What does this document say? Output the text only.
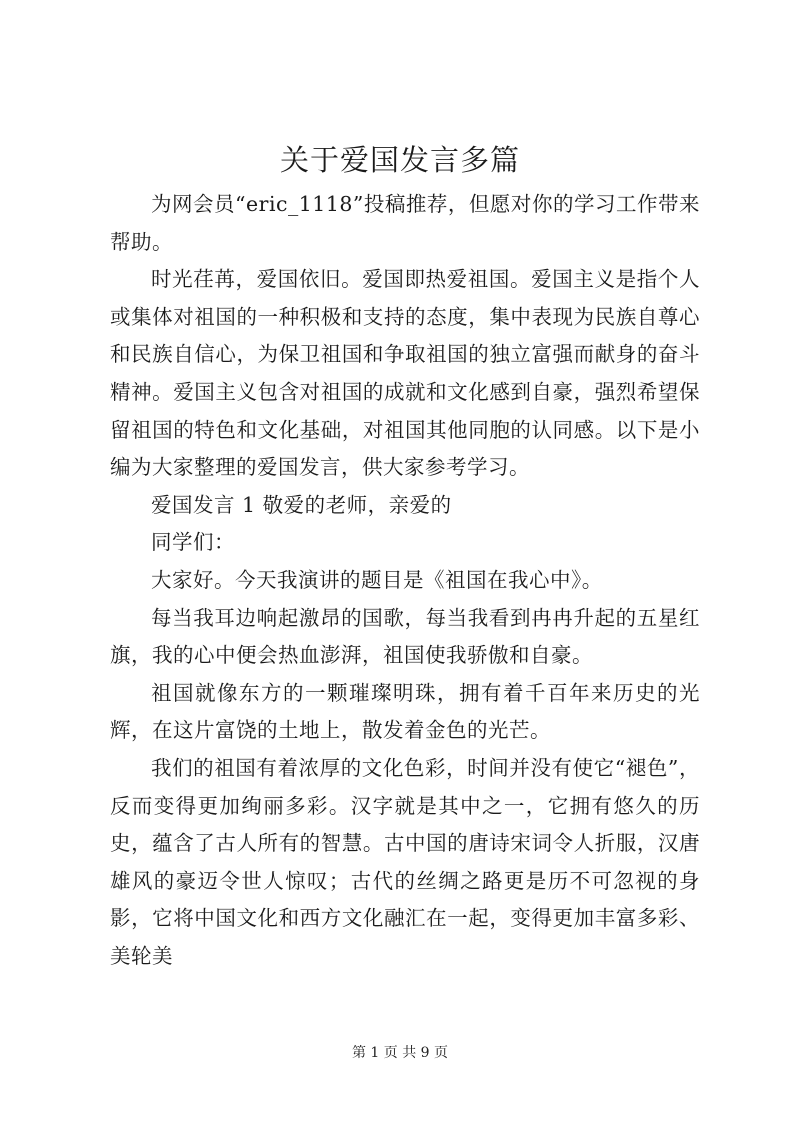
关于爱国发言多篇

为网会员“eric_1118”投稿推荐，但愿对你的学习工作带来帮助。

时光荏苒，爱国依旧。爱国即热爱祖国。爱国主义是指个人或集体对祖国的一种积极和支持的态度，集中表现为民族自尊心和民族自信心，为保卫祖国和争取祖国的独立富强而献身的奋斗精神。爱国主义包含对祖国的成就和文化感到自豪，强烈希望保留祖国的特色和文化基础，对祖国其他同胞的认同感。以下是小编为大家整理的爱国发言，供大家参考学习。

爱国发言 1 敬爱的老师，亲爱的

同学们：

大家好。今天我演讲的题目是《祖国在我心中》。

每当我耳边响起激昂的国歌，每当我看到冉冉升起的五星红旗，我的心中便会热血澎湃，祖国使我骄傲和自豪。

祖国就像东方的一颗璀璨明珠，拥有着千百年来历史的光辉，在这片富饶的土地上，散发着金色的光芒。

我们的祖国有着浓厚的文化色彩，时间并没有使它“褪色”，反而变得更加绚丽多彩。汉字就是其中之一，它拥有悠久的历史，蕴含了古人所有的智慧。古中国的唐诗宋词令人折服，汉唐雄风的豪迈令世人惊叹；古代的丝绸之路更是历不可忽视的身影，它将中国文化和西方文化融汇在一起，变得更加丰富多彩、美轮美

第 1 页 共 9 页
